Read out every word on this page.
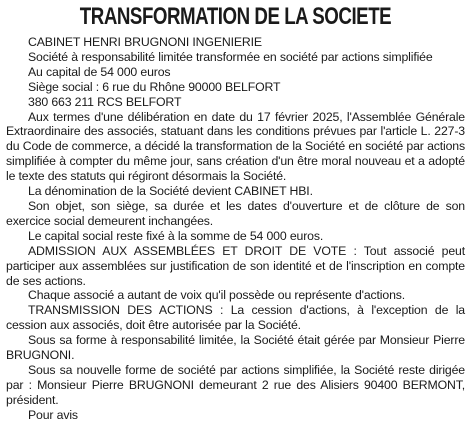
TRANSFORMATION DE LA SOCIETE

CABINET HENRI BRUGNONI INGENIERIE

Société à responsabilité limitée transformée en société par actions simplifiée

Au capital de 54 000 euros

Siège social : 6 rue du Rhône 90000 BELFORT

380 663 211 RCS BELFORT

Aux termes d'une délibération en date du 17 février 2025, l'Assemblée Générale Extraordinaire des associés, statuant dans les conditions prévues par l'article L. 227-3 du Code de commerce, a décidé la transformation de la Société en société par actions simplifiée à compter du même jour, sans création d'un être moral nouveau et a adopté le texte des statuts qui régiront désormais la Société.

La dénomination de la Société devient CABINET HBI.

Son objet, son siège, sa durée et les dates d'ouverture et de clôture de son exercice social demeurent inchangées.

Le capital social reste fixé à la somme de 54 000 euros.

ADMISSION AUX ASSEMBLÉES ET DROIT DE VOTE : Tout associé peut participer aux assemblées sur justification de son identité et de l'inscription en compte de ses actions.

Chaque associé a autant de voix qu'il possède ou représente d'actions.

TRANSMISSION DES ACTIONS : La cession d'actions, à l'exception de la cession aux associés, doit être autorisée par la Société.

Sous sa forme à responsabilité limitée, la Société était gérée par Monsieur Pierre BRUGNONI.

Sous sa nouvelle forme de société par actions simplifiée, la Société reste dirigée par : Monsieur Pierre BRUGNONI demeurant 2 rue des Alisiers 90400 BERMONT, président.

Pour avis
